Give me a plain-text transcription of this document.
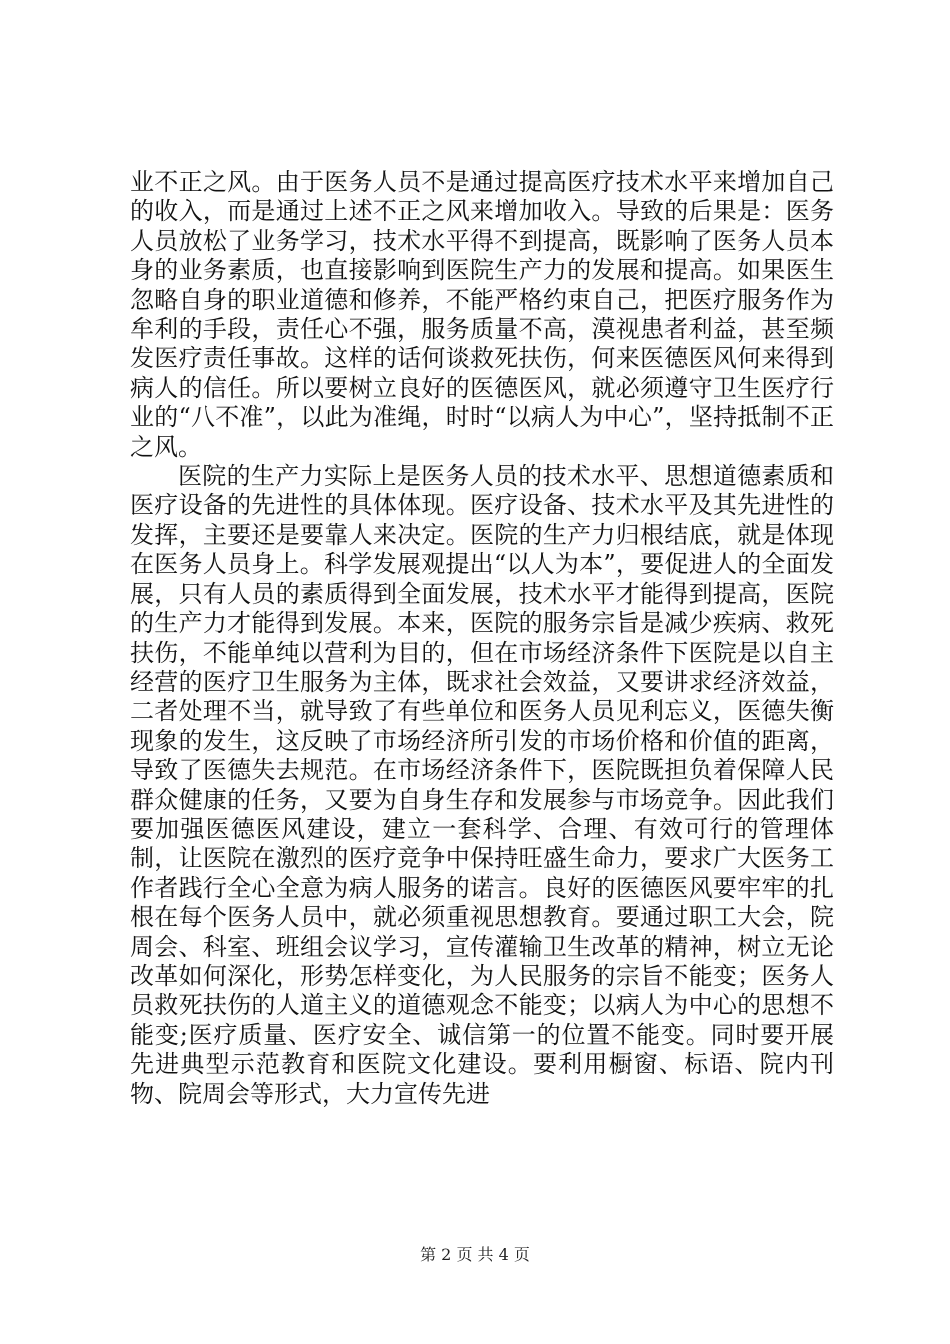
业不正之风。由于医务人员不是通过提高医疗技术水平来增加自己的收入，而是通过上述不正之风来增加收入。导致的后果是：医务人员放松了业务学习，技术水平得不到提高，既影响了医务人员本身的业务素质，也直接影响到医院生产力的发展和提高。如果医生忽略自身的职业道德和修养，不能严格约束自己，把医疗服务作为牟利的手段，责任心不强，服务质量不高，漠视患者利益，甚至频发医疗责任事故。这样的话何谈救死扶伤，何来医德医风何来得到病人的信任。所以要树立良好的医德医风，就必须遵守卫生医疗行业的“八不准”，以此为准绳，时时“以病人为中心”，坚持抵制不正之风。

医院的生产力实际上是医务人员的技术水平、思想道德素质和医疗设备的先进性的具体体现。医疗设备、技术水平及其先进性的发挥，主要还是要靠人来决定。医院的生产力归根结底，就是体现在医务人员身上。科学发展观提出“以人为本”，要促进人的全面发展，只有人员的素质得到全面发展，技术水平才能得到提高，医院的生产力才能得到发展。本来，医院的服务宗旨是减少疾病、救死扶伤，不能单纯以营利为目的，但在市场经济条件下医院是以自主经营的医疗卫生服务为主体，既求社会效益，又要讲求经济效益，二者处理不当，就导致了有些单位和医务人员见利忘义，医德失衡现象的发生，这反映了市场经济所引发的市场价格和价值的距离，导致了医德失去规范。在市场经济条件下，医院既担负着保障人民群众健康的任务，又要为自身生存和发展参与市场竞争。因此我们要加强医德医风建设，建立一套科学、合理、有效可行的管理体制，让医院在激烈的医疗竞争中保持旺盛生命力，要求广大医务工作者践行全心全意为病人服务的诺言。良好的医德医风要牢牢的扎根在每个医务人员中，就必须重视思想教育。要通过职工大会，院周会、科室、班组会议学习，宣传灌输卫生改革的精神，树立无论改革如何深化，形势怎样变化，为人民服务的宗旨不能变；医务人员救死扶伤的人道主义的道德观念不能变；以病人为中心的思想不能变;医疗质量、医疗安全、诚信第一的位置不能变。同时要开展先进典型示范教育和医院文化建设。要利用橱窗、标语、院内刊物、院周会等形式，大力宣传先进

第 2 页 共 4 页
